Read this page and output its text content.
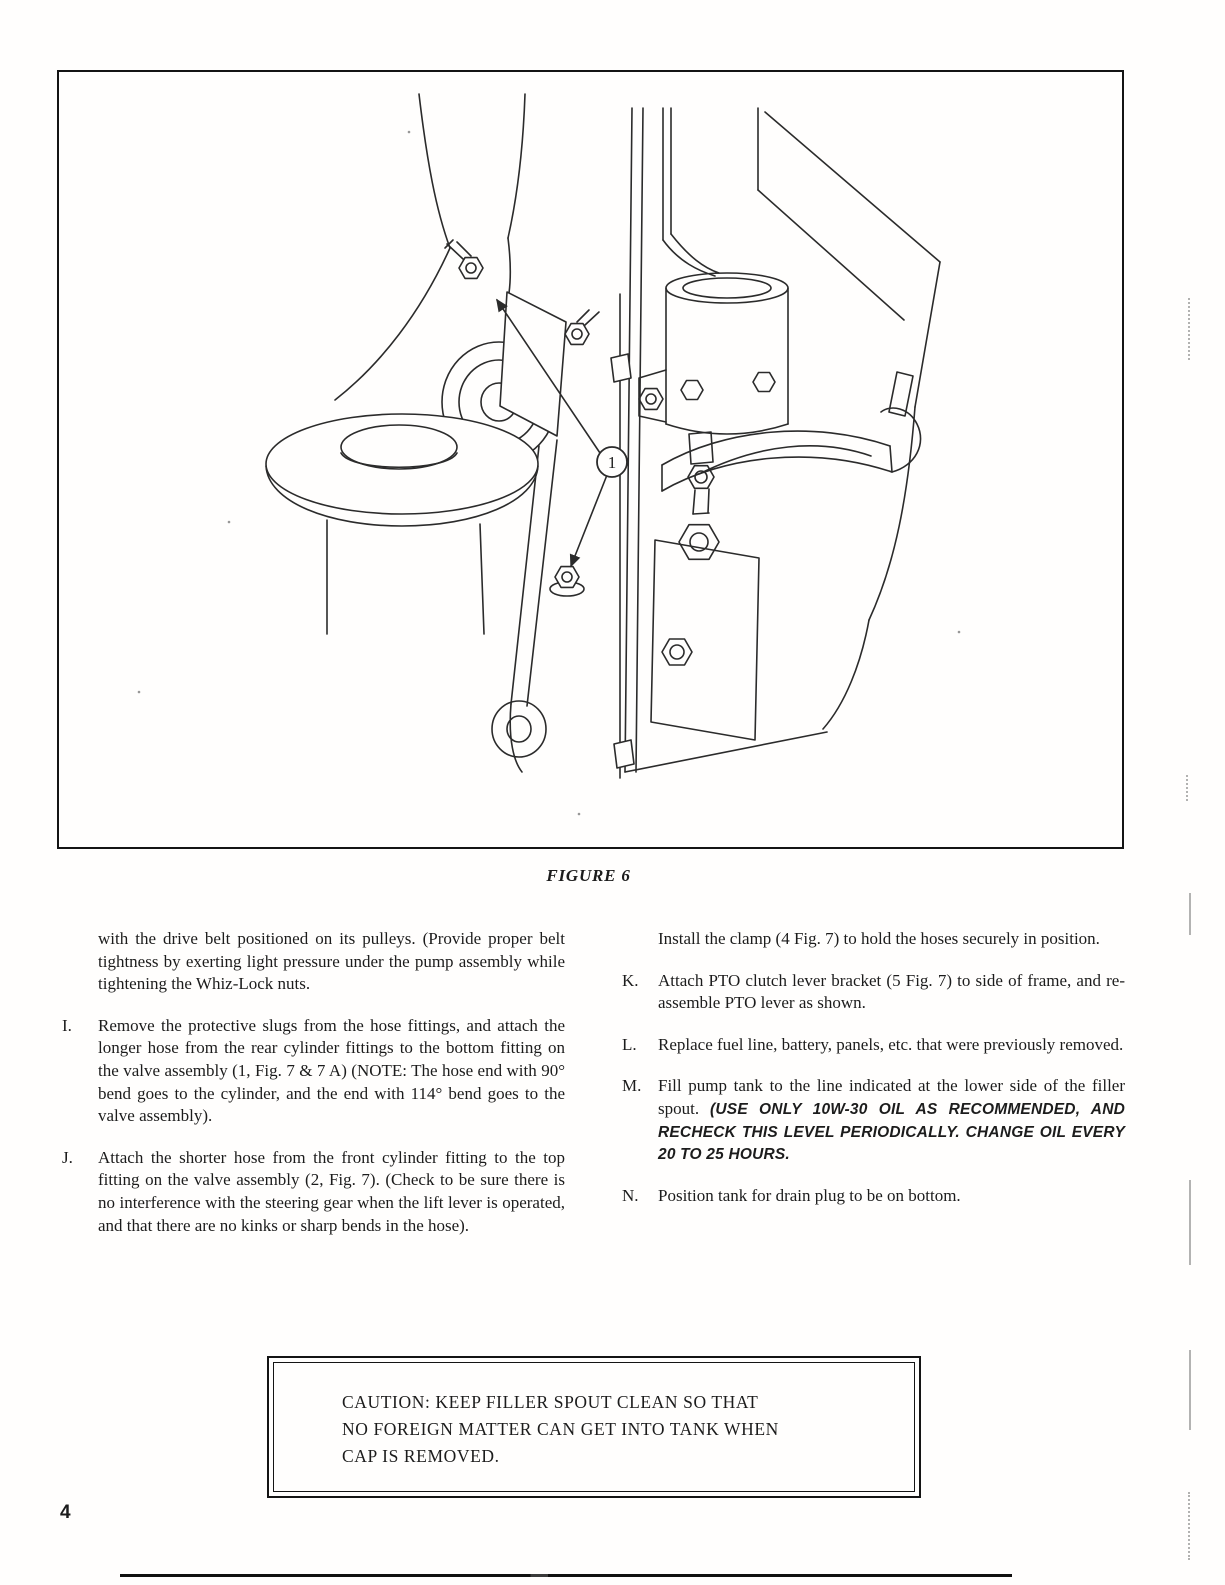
1
FIGURE 6
with the drive belt positioned on its pulleys. (Provide proper belt tightness by exerting light pressure under the pump assembly while tightening the Whiz-Lock nuts.
I.	Remove the protective slugs from the hose fittings, and attach the longer hose from the rear cylinder fittings to the bottom fitting on the valve assembly (1, Fig. 7 & 7 A) (NOTE: The hose end with 90° bend goes to the cylinder, and the end with 114° bend goes to the valve assembly).
J.	Attach the shorter hose from the front cylinder fitting to the top fitting on the valve assembly (2, Fig. 7). (Check to be sure there is no interference with the steering gear when the lift lever is operated, and that there are no kinks or sharp bends in the hose).
Install the clamp (4 Fig. 7) to hold the hoses securely in position.
K.	Attach PTO clutch lever bracket (5 Fig. 7) to side of frame, and re-assemble PTO lever as shown.
L.	Replace fuel line, battery, panels, etc. that were previously removed.
M. Fill pump tank to the line indicated at the lower side of the filler spout. (USE ONLY 10W-30 OIL AS RECOMMENDED, AND RECHECK THIS LEVEL PERIODICALLY. CHANGE OIL EVERY 20 TO 25 HOURS.
N.	Position tank for drain plug to be on bottom.
CAUTION: KEEP FILLER SPOUT CLEAN SO THAT
NO FOREIGN MATTER CAN GET INTO TANK WHEN
CAP IS REMOVED.
4
